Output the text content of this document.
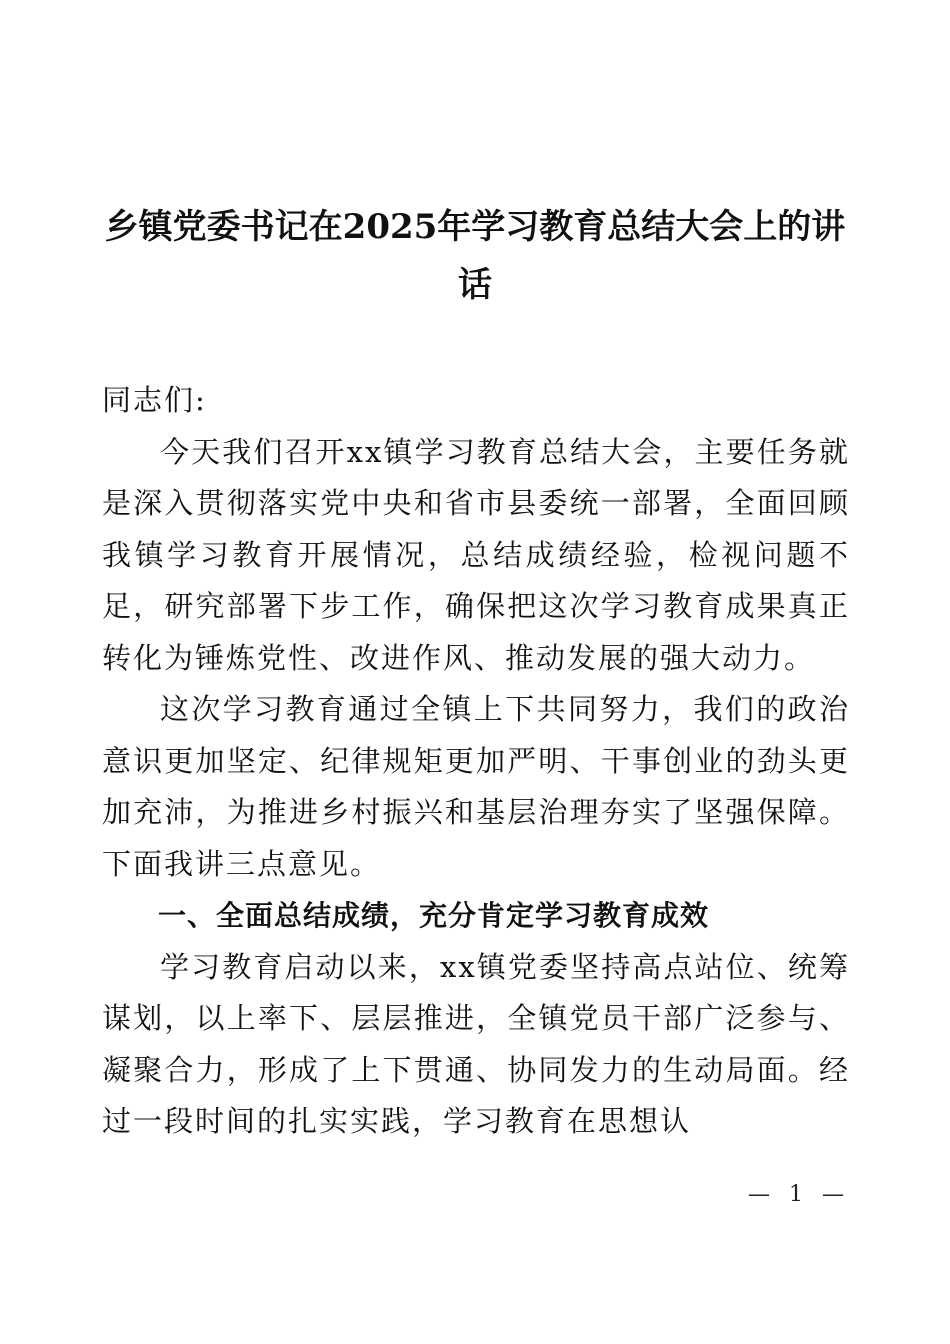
乡镇党委书记在2025年学习教育总结大会上的讲话

同志们:

今天我们召开xx镇学习教育总结大会，主要任务就是深入贯彻落实党中央和省市县委统一部署，全面回顾我镇学习教育开展情况，总结成绩经验，检视问题不足，研究部署下步工作，确保把这次学习教育成果真正转化为锤炼党性、改进作风、推动发展的强大动力。

这次学习教育通过全镇上下共同努力，我们的政治意识更加坚定、纪律规矩更加严明、干事创业的劲头更加充沛，为推进乡村振兴和基层治理夯实了坚强保障。下面我讲三点意见。

一、全面总结成绩，充分肯定学习教育成效

学习教育启动以来，xx镇党委坚持高点站位、统筹谋划，以上率下、层层推进，全镇党员干部广泛参与、凝聚合力，形成了上下贯通、协同发力的生动局面。经过一段时间的扎实实践，学习教育在思想认

— 1 —
